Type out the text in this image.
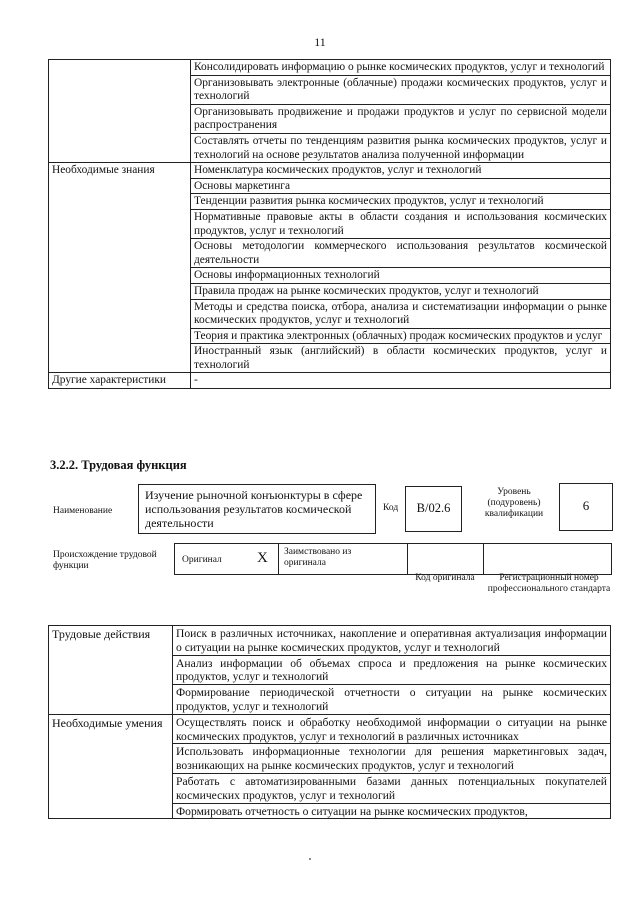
11
	Консолидировать информацию о рынке космических продуктов, услуг и технологий
	Организовывать электронные (облачные) продажи космических продуктов, услуг и технологий
	Организовывать продвижение и продажи продуктов и услуг по сервисной модели распространения
	Составлять отчеты по тенденциям развития рынка космических продуктов, услуг и технологий на основе результатов анализа полученной информации
Необходимые знания	Номенклатура космических продуктов, услуг и технологий
	Основы маркетинга
	Тенденции развития рынка космических продуктов, услуг и технологий
	Нормативные правовые акты в области создания и использования космических продуктов, услуг и технологий
	Основы методологии коммерческого использования результатов космической деятельности
	Основы информационных технологий
	Правила продаж на рынке космических продуктов, услуг и технологий
	Методы и средства поиска, отбора, анализа и систематизации информации о рынке космических продуктов, услуг и технологий
	Теория и практика электронных (облачных) продаж космических продуктов и услуг
	Иностранный язык (английский) в области космических продуктов, услуг и технологий
Другие характеристики	-
3.2.2. Трудовая функция
Наименование
Изучение рыночной конъюнктуры в сфере использования результатов космической деятельности
Код	B/02.6
Уровень (подуровень) квалификации
6
Происхождение трудовой функции
Оригинал X Заимствовано из оригинала
Код оригинала	Регистрационный номер профессионального стандарта
Трудовые действия	Поиск в различных источниках, накопление и оперативная актуализация информации о ситуации на рынке космических продуктов, услуг и технологий
	Анализ информации об объемах спроса и предложения на рынке космических продуктов, услуг и технологий
	Формирование периодической отчетности о ситуации на рынке космических продуктов, услуг и технологий
Необходимые умения	Осуществлять поиск и обработку необходимой информации о ситуации на рынке космических продуктов, услуг и технологий в различных источниках
	Использовать информационные технологии для решения маркетинговых задач, возникающих на рынке космических продуктов, услуг и технологий
	Работать с автоматизированными базами данных потенциальных покупателей космических продуктов, услуг и технологий
	Формировать отчетность о ситуации на рынке космических продуктов,
